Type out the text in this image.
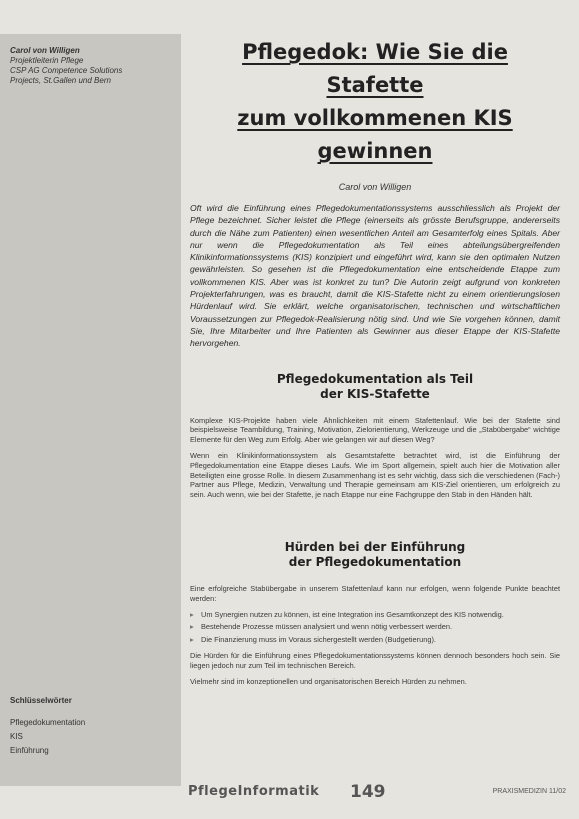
Carol von Willigen
Projektleiterin Pflege
CSP AG Competence Solutions
Projects, St.Gallen und Bern
Schlüsselwörter
Pflegedokumentation
KIS
Einführung
Pflegedok: Wie Sie die Stafette
zum vollkommenen KIS
gewinnen
Carol von Willigen

Oft wird die Einführung eines Pflegedokumentationssystems ausschliesslich als Projekt der Pflege bezeichnet. Sicher leistet die Pflege (einerseits als grösste Berufsgruppe, andererseits durch die Nähe zum Patienten) einen wesentlichen Anteil am Gesamterfolg eines Spitals. Aber nur wenn die Pflegedokumentation als Teil eines abteilungsübergreifenden Klinikinformationssystems (KIS) konzipiert und eingeführt wird, kann sie den optimalen Nutzen gewährleisten. So gesehen ist die Pflegedokumentation eine entscheidende Etappe zum vollkommenen KIS. Aber was ist konkret zu tun? Die Autorin zeigt aufgrund von konkreten Projekterfahrungen, was es braucht, damit die KIS-Stafette nicht zu einem orientierungslosen Hürdenlauf wird. Sie erklärt, welche organisatorischen, technischen und wirtschaftlichen Voraussetzungen zur Pflegedok-Realisierung nötig sind. Und wie Sie vorgehen können, damit Sie, Ihre Mitarbeiter und Ihre Patienten als Gewinner aus dieser Etappe der KIS-Stafette hervorgehen.

Pflegedokumentation als Teil
der KIS-Stafette

Komplexe KIS-Projekte haben viele Ähnlichkeiten mit einem Stafettenlauf. Wie bei der Stafette sind beispielsweise Teambildung, Training, Motivation, Zielorientierung, Werkzeuge und die „Stabübergabe“ wichtige Elemente für den Weg zum Erfolg. Aber wie gelangen wir auf diesen Weg?

Wenn ein Klinikinformationssystem als Gesamtstafette betrachtet wird, ist die Einführung der Pflegedokumentation eine Etappe dieses Laufs. Wie im Sport allgemein, spielt auch hier die Motivation aller Beteiligten eine grosse Rolle. In diesem Zusammenhang ist es sehr wichtig, dass sich die verschiedenen (Fach-) Partner aus Pflege, Medizin, Verwaltung und Therapie gemeinsam am KIS-Ziel orientieren, um erfolgreich zu sein. Auch wenn, wie bei der Stafette, je nach Etappe nur eine Fachgruppe den Stab in den Händen hält.

Hürden bei der Einführung
der Pflegedokumentation

Eine erfolgreiche Stabübergabe in unserem Stafettenlauf kann nur erfolgen, wenn folgende Punkte beachtet werden:

▸ Um Synergien nutzen zu können, ist eine Integration ins Gesamtkonzept des KIS notwendig.
▸ Bestehende Prozesse müssen analysiert und wenn nötig verbessert werden.
▸ Die Finanzierung muss im Voraus sichergestellt werden (Budgetierung).

Die Hürden für die Einführung eines Pflegedokumentationssystems können dennoch besonders hoch sein. Sie liegen jedoch nur zum Teil im technischen Bereich.

Vielmehr sind im konzeptionellen und organisatorischen Bereich Hürden zu nehmen.

PflegeInformatik 149	PRAXISMEDIZIN 11/02
